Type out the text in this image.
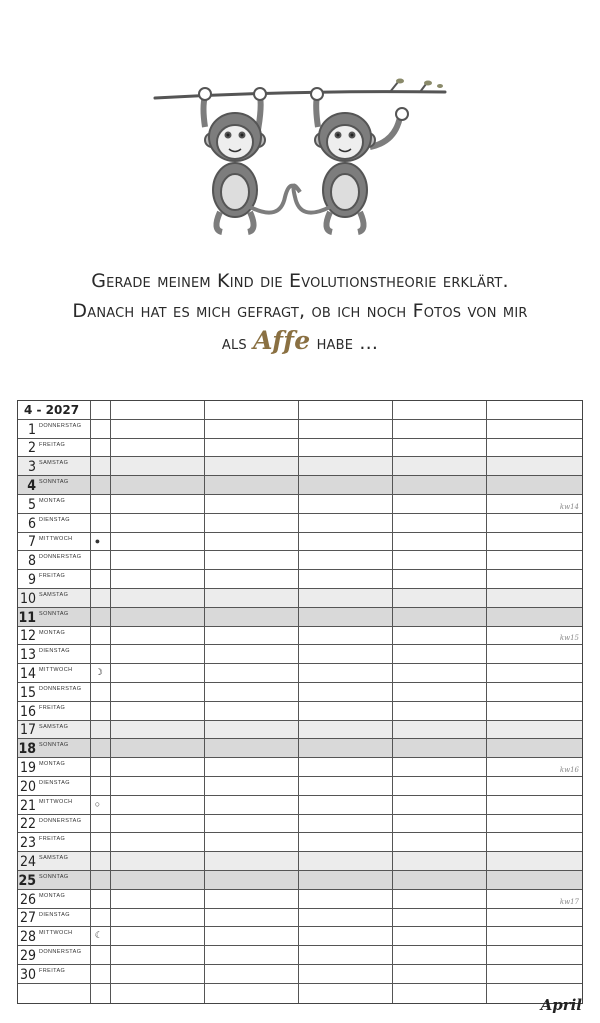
Gerade meinem Kind die Evolutionstheorie erklärt.
Danach hat es mich gefragt, ob ich noch Fotos von mir
als Affe habe ...
4 - 2027
1 DONNERSTAG
2 FREITAG
3 SAMSTAG
4 SONNTAG
5 MONTAG
kw14
6 DIENSTAG
7 MITTWOCH ●
8 DONNERSTAG
9 FREITAG
10 SAMSTAG
11 SONNTAG
12 MONTAG
kw15
13 DIENSTAG
14 MITTWOCH ☽
15 DONNERSTAG
16 FREITAG
17 SAMSTAG
18 SONNTAG
19 MONTAG
kw16
20 DIENSTAG
21 MITTWOCH ○
22 DONNERSTAG
23 FREITAG
24 SAMSTAG
25 SONNTAG
26 MONTAG
kw17
27 DIENSTAG
28 MITTWOCH ☾
29 DONNERSTAG
30 FREITAG
April
